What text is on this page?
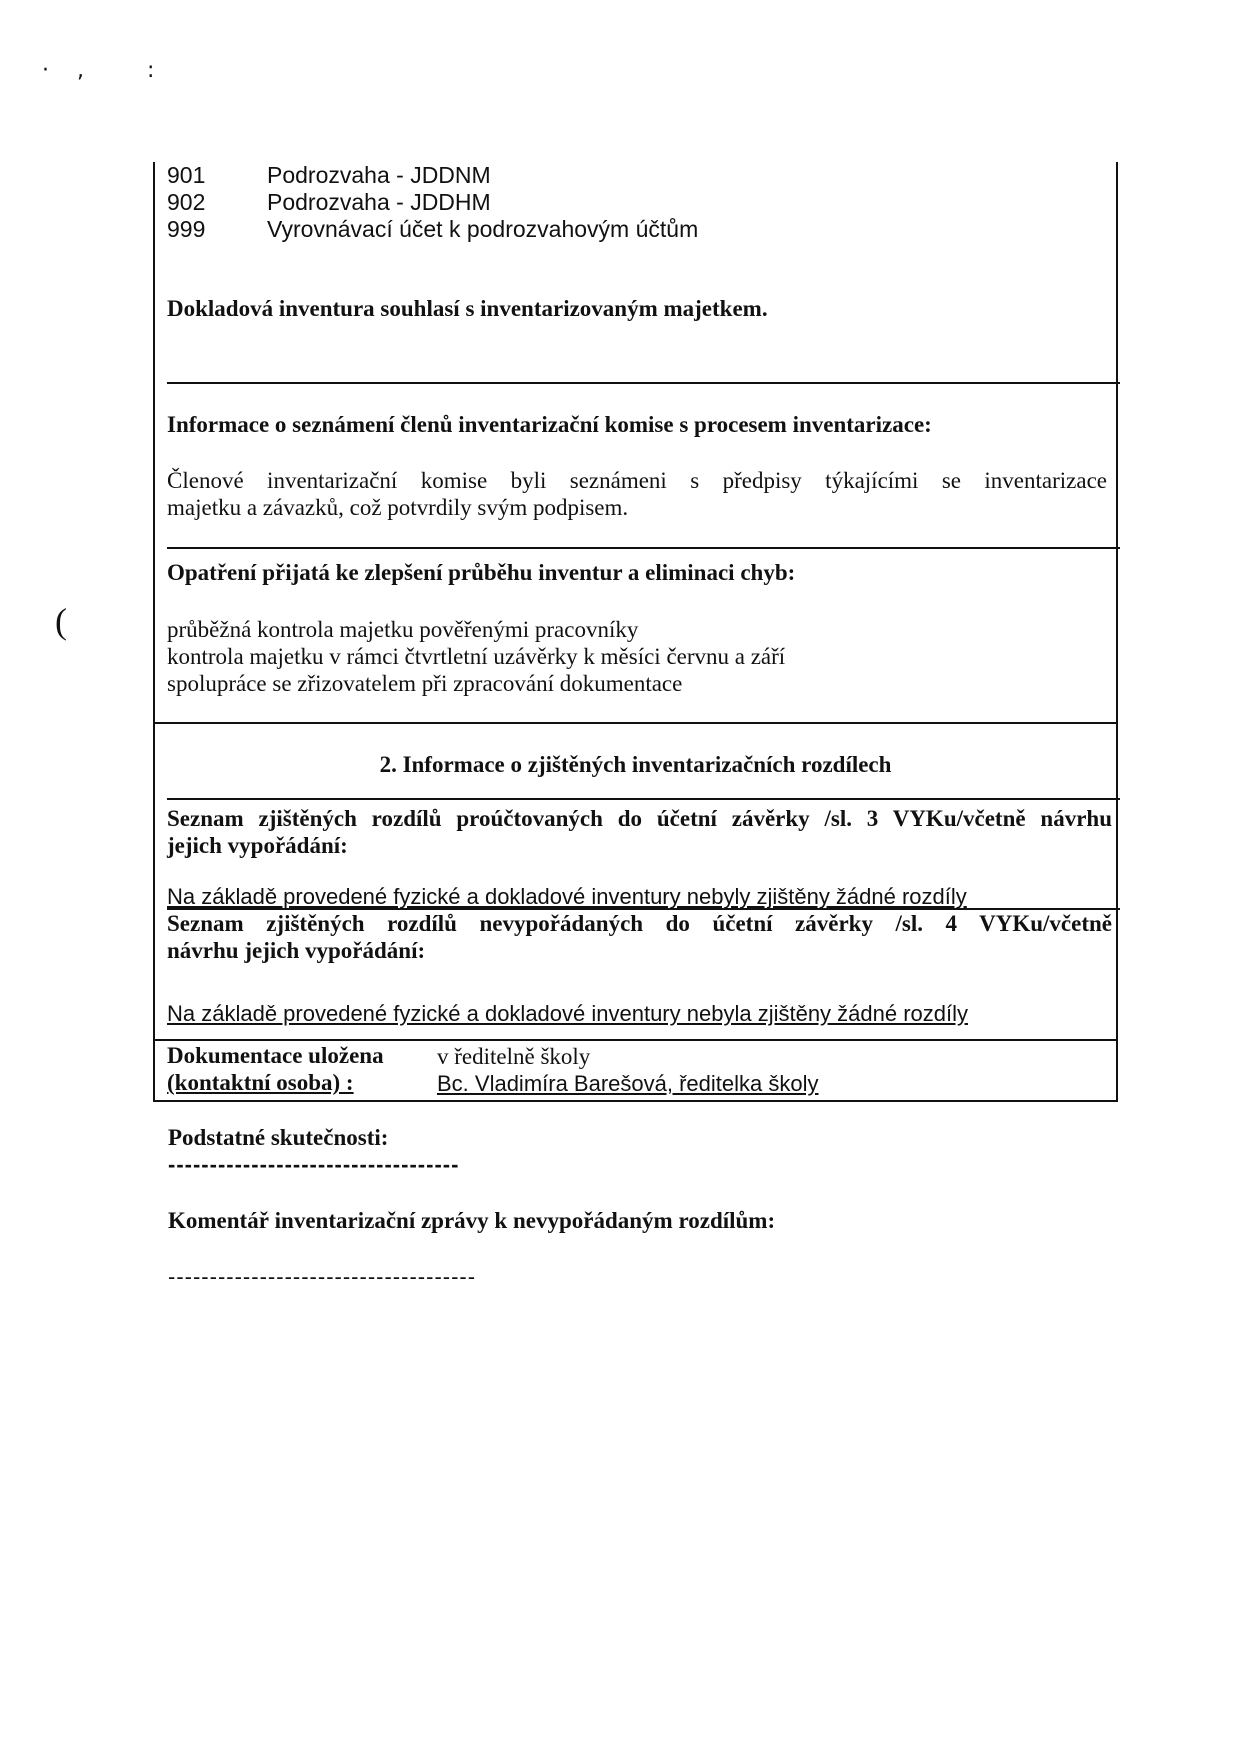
·, :
(
901	Podrozvaha - JDDNM
902	Podrozvaha - JDDHM
999	Vyrovnávací účet k podrozvahovým účtům
Dokladová inventura souhlasí s inventarizovaným majetkem.
Informace o seznámení členů inventarizační komise s procesem inventarizace:
Členové inventarizační komise byli seznámeni s předpisy týkajícími se inventarizace
majetku a závazků, což potvrdily svým podpisem.
Opatření přijatá ke zlepšení průběhu inventur a eliminaci chyb:
průběžná kontrola majetku pověřenými pracovníky
kontrola majetku v rámci čtvrtletní uzávěrky k měsíci červnu a září
spolupráce se zřizovatelem při zpracování dokumentace
2. Informace o zjištěných inventarizačních rozdílech
Seznam zjištěných rozdílů proúčtovaných do účetní závěrky /sl. 3 VYKu/včetně návrhu
jejich vypořádání:
Na základě provedené fyzické a dokladové inventury nebyly zjištěny žádné rozdíly
Seznam zjištěných rozdílů nevypořádaných do účetní závěrky /sl. 4 VYKu/včetně
návrhu jejich vypořádání:
Na základě provedené fyzické a dokladové inventury nebyla zjištěny žádné rozdíly
Dokumentace uložena v ředitelně školy
(kontaktní osoba) :	Bc. Vladimíra Barešová, ředitelka školy
Podstatné skutečnosti:
-----------------------------------
Komentář inventarizační zprávy k nevypořádaným rozdílům:
-------------------------------------
